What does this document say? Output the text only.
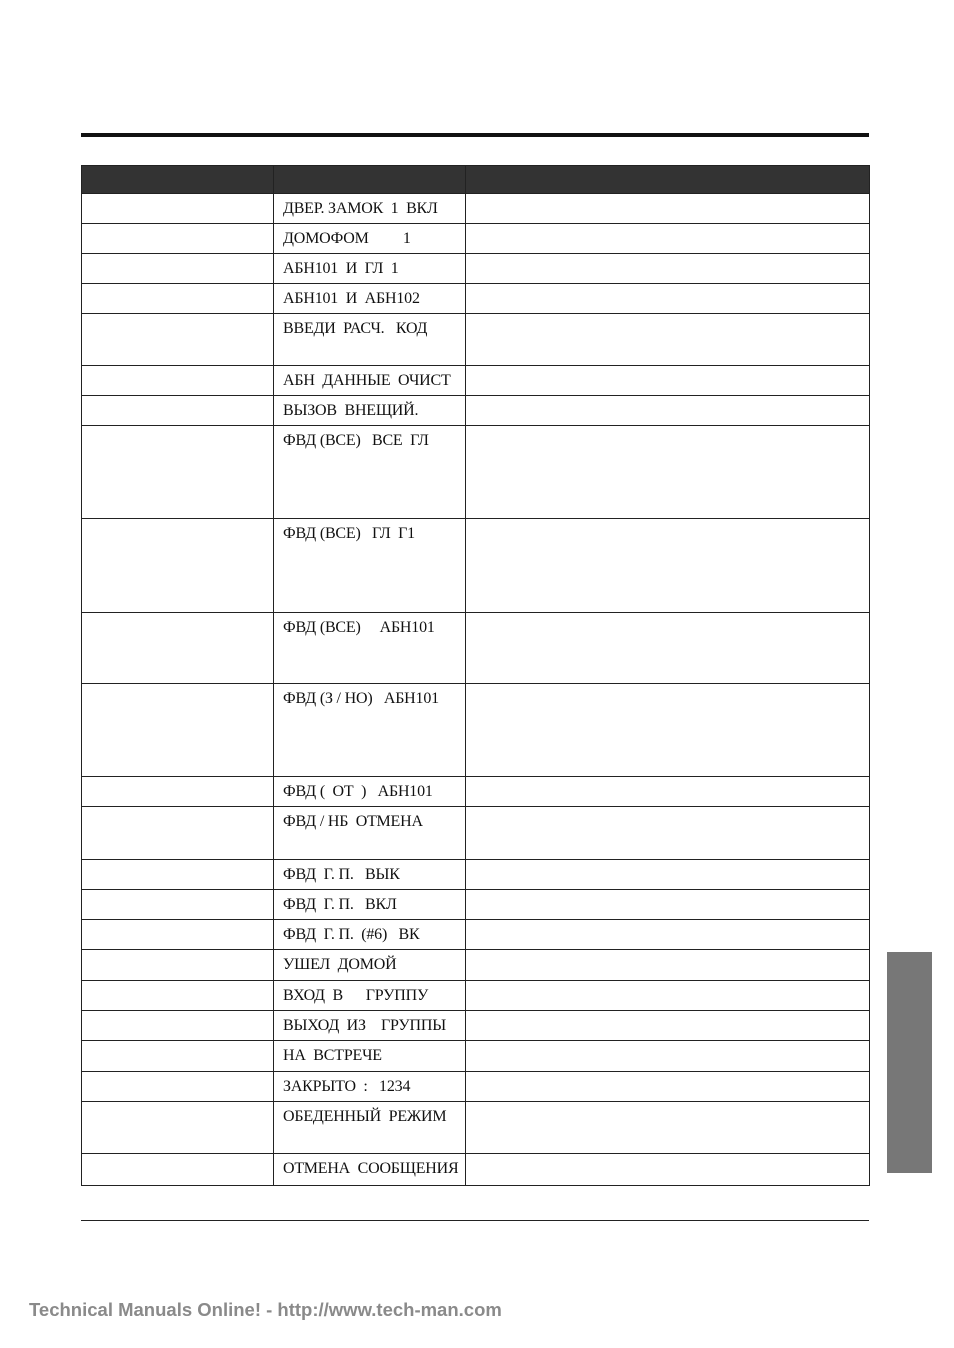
	ДВЕР. ЗАМОК  1  ВКЛ	
	ДОМОФОМ         1	
	АБН101  И  ГЛ  1	
	АБН101  И  АБН102	
	ВВЕДИ  РАСЧ.   КОД	
	АБН  ДАННЫЕ  ОЧИСТ	
	ВЫЗОВ  ВНЕЩИЙ.	
	ФВД (ВСЕ)   ВСЕ  ГЛ	
	ФВД (ВСЕ)   ГЛ  Г1	
	ФВД (ВСЕ)     АБН101	
	ФВД (З / НО)   АБН101	
	ФВД (  ОТ  )   АБН101	
	ФВД / НБ  ОТМЕНА	
	ФВД  Г. П.   ВЫК	
	ФВД  Г. П.   ВКЛ	
	ФВД  Г. П.  (#6)   ВК	
	УШЕЛ  ДОМОЙ	
	ВХОД  В      ГРУППУ	
	ВЫХОД  ИЗ    ГРУППЫ	
	НА  ВСТРЕЧЕ	
	ЗАКРЫТО  :   1234	
	ОБЕДЕННЫЙ  РЕЖИМ	
	ОТМЕНА  СООБЩЕНИЯ	
Technical Manuals Online! - http://www.tech-man.com
